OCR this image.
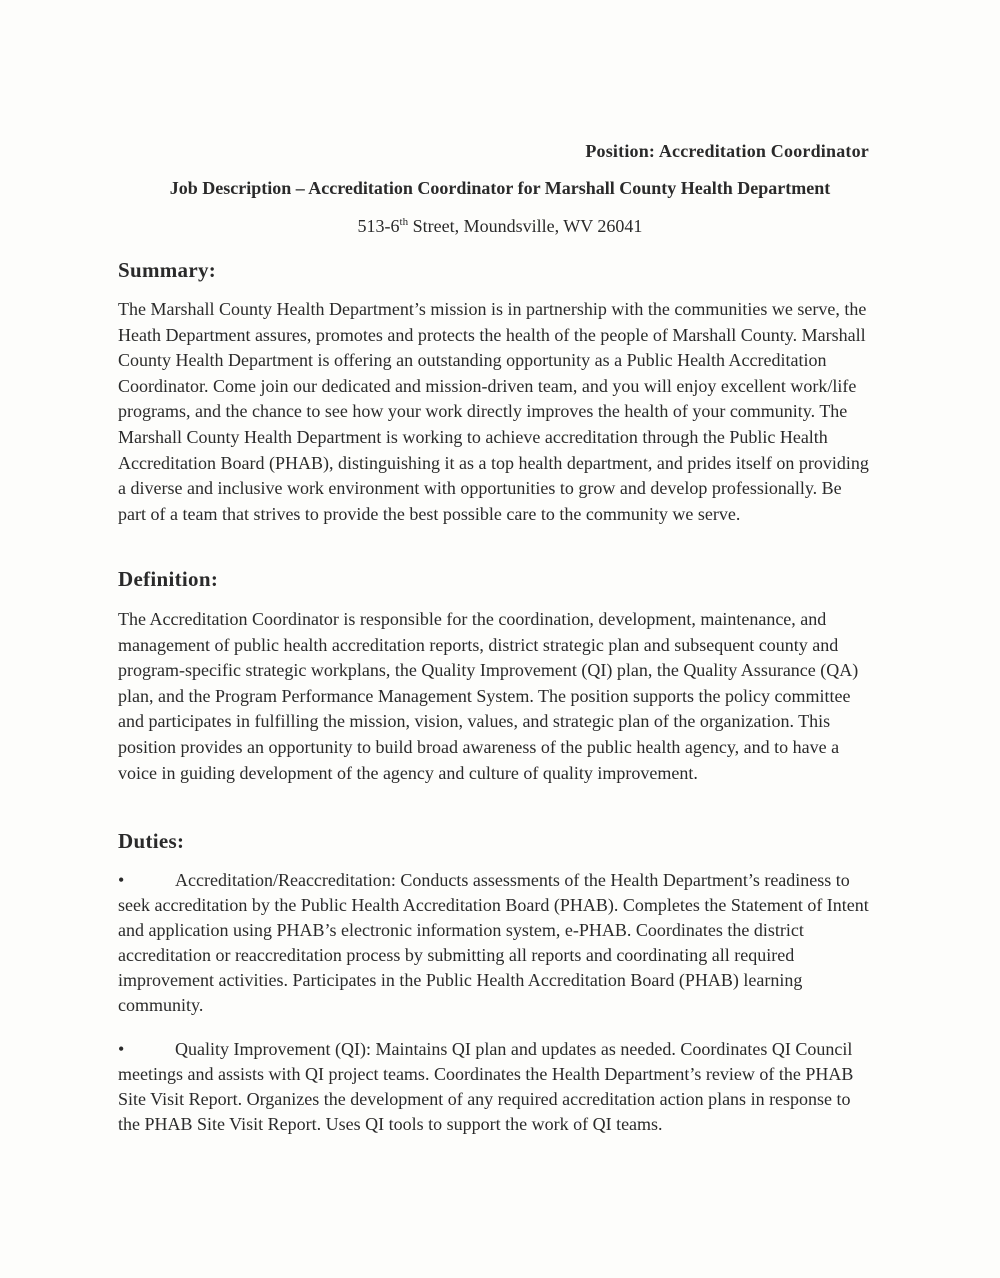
Position: Accreditation Coordinator
Job Description – Accreditation Coordinator for Marshall County Health Department
513-6th Street, Moundsville, WV 26041
Summary:

The Marshall County Health Department’s mission is in partnership with the communities we serve, the Heath Department assures, promotes and protects the health of the people of Marshall County. Marshall County Health Department is offering an outstanding opportunity as a Public Health Accreditation Coordinator. Come join our dedicated and mission-driven team, and you will enjoy excellent work/life programs, and the chance to see how your work directly improves the health of your community. The Marshall County Health Department is working to achieve accreditation through the Public Health Accreditation Board (PHAB), distinguishing it as a top health department, and prides itself on providing a diverse and inclusive work environment with opportunities to grow and develop professionally. Be part of a team that strives to provide the best possible care to the community we serve.

Definition:

The Accreditation Coordinator is responsible for the coordination, development, maintenance, and management of public health accreditation reports, district strategic plan and subsequent county and program-specific strategic workplans, the Quality Improvement (QI) plan, the Quality Assurance (QA) plan, and the Program Performance Management System. The position supports the policy committee and participates in fulfilling the mission, vision, values, and strategic plan of the organization. This position provides an opportunity to build broad awareness of the public health agency, and to have a voice in guiding development of the agency and culture of quality improvement.

Duties:

•	Accreditation/Reaccreditation: Conducts assessments of the Health Department’s readiness to seek accreditation by the Public Health Accreditation Board (PHAB). Completes the Statement of Intent and application using PHAB’s electronic information system, e-PHAB. Coordinates the district accreditation or reaccreditation process by submitting all reports and coordinating all required improvement activities. Participates in the Public Health Accreditation Board (PHAB) learning community.

•	Quality Improvement (QI): Maintains QI plan and updates as needed. Coordinates QI Council meetings and assists with QI project teams. Coordinates the Health Department’s review of the PHAB Site Visit Report. Organizes the development of any required accreditation action plans in response to the PHAB Site Visit Report. Uses QI tools to support the work of QI teams.
